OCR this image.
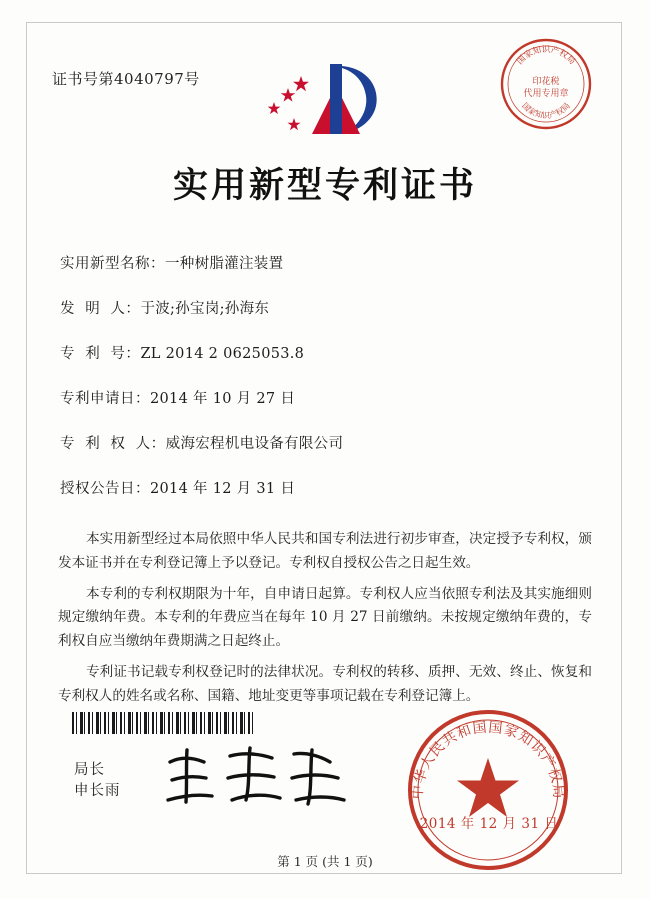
证书号第4040797号
国家知识产权局
印花税
代用专用章
国家知识产权局
实用新型专利证书
实用新型名称： 一种树脂灌注装置
发  明  人： 于波;孙宝岗;孙海东
专  利  号： ZL 2014 2 0625053.8
专利申请日： 2014 年 10 月 27 日
专  利  权  人： 威海宏程机电设备有限公司
授权公告日： 2014 年 12 月 31 日

本实用新型经过本局依照中华人民共和国专利法进行初步审查，决定授予专利权，颁发本证书并在专利登记簿上予以登记。专利权自授权公告之日起生效。

本专利的专利权期限为十年，自申请日起算。专利权人应当依照专利法及其实施细则规定缴纳年费。本专利的年费应当在每年 10 月 27 日前缴纳。未按规定缴纳年费的，专利权自应当缴纳年费期满之日起终止。

专利证书记载专利权登记时的法律状况。专利权的转移、质押、无效、终止、恢复和专利权人的姓名或名称、国籍、地址变更等事项记载在专利登记簿上。

局长
申长雨	中华人民共和国国家知识产权局
2014 年 12 月 31 日
第 1 页 (共 1 页)
